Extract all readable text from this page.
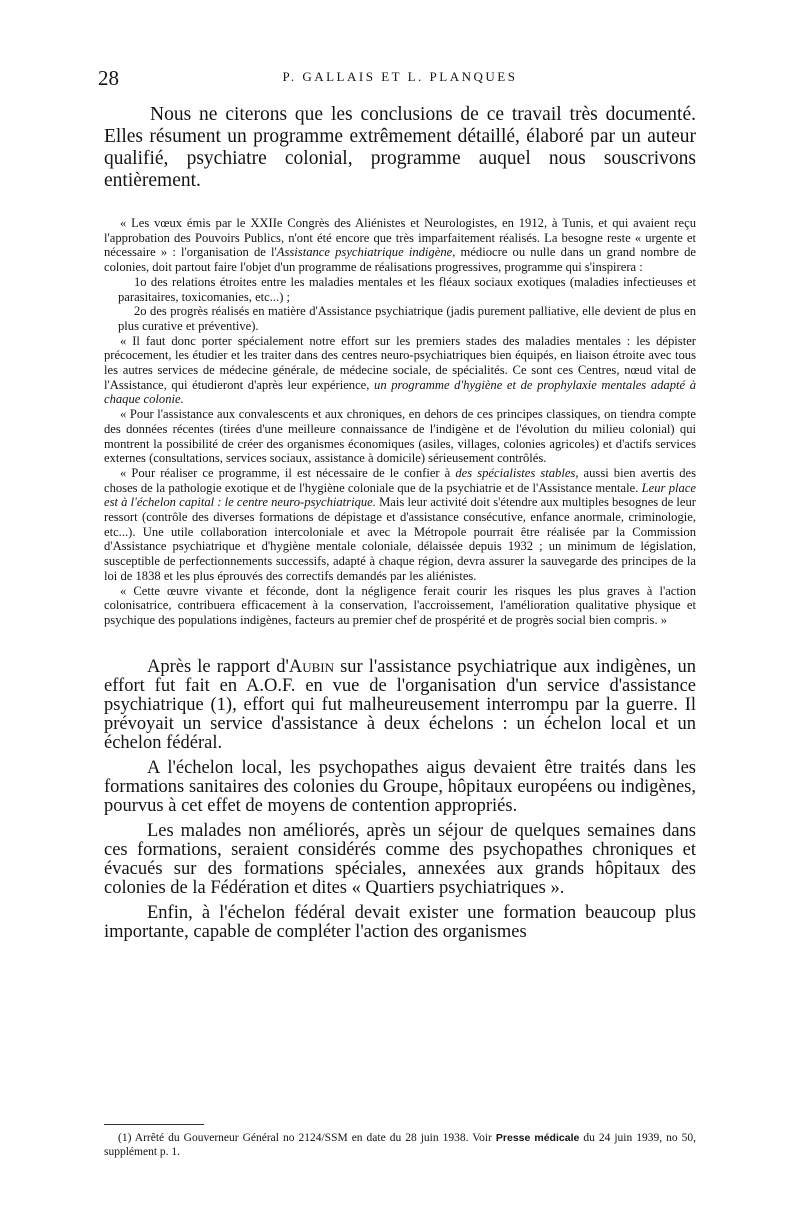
28	P. GALLAIS ET L. PLANQUES

Nous ne citerons que les conclusions de ce travail très documenté. Elles résument un programme extrêmement détaillé, élaboré par un auteur qualifié, psychiatre colonial, programme auquel nous souscrivons entièrement.

« Les vœux émis par le XXIIe Congrès des Aliénistes et Neurologistes, en 1912, à Tunis, et qui avaient reçu l'approbation des Pouvoirs Publics, n'ont été encore que très imparfaitement réalisés. La besogne reste « urgente et nécessaire » : l'organisation de l'Assistance psychiatrique indigène, médiocre ou nulle dans un grand nombre de colonies, doit partout faire l'objet d'un programme de réalisations progressives, programme qui s'inspirera :

1o des relations étroites entre les maladies mentales et les fléaux sociaux exotiques (maladies infectieuses et parasitaires, toxicomanies, etc...) ;

2o des progrès réalisés en matière d'Assistance psychiatrique (jadis purement palliative, elle devient de plus en plus curative et préventive).

« Il faut donc porter spécialement notre effort sur les premiers stades des maladies mentales : les dépister précocement, les étudier et les traiter dans des centres neuro-psychiatriques bien équipés, en liaison étroite avec tous les autres services de médecine générale, de médecine sociale, de spécialités. Ce sont ces Centres, nœud vital de l'Assistance, qui étudieront d'après leur expérience, un programme d'hygiène et de prophylaxie mentales adapté à chaque colonie.

« Pour l'assistance aux convalescents et aux chroniques, en dehors de ces principes classiques, on tiendra compte des données récentes (tirées d'une meilleure connaissance de l'indigène et de l'évolution du milieu colonial) qui montrent la possibilité de créer des organismes économiques (asiles, villages, colonies agricoles) et d'actifs services externes (consultations, services sociaux, assistance à domicile) sérieusement contrôlés.

« Pour réaliser ce programme, il est nécessaire de le confier à des spécialistes stables, aussi bien avertis des choses de la pathologie exotique et de l'hygiène coloniale que de la psychiatrie et de l'Assistance mentale. Leur place est à l'échelon capital : le centre neuro-psychiatrique. Mais leur activité doit s'étendre aux multiples besognes de leur ressort (contrôle des diverses formations de dépistage et d'assistance consécutive, enfance anormale, criminologie, etc...). Une utile collaboration intercoloniale et avec la Métropole pourrait être réalisée par la Commission d'Assistance psychiatrique et d'hygiène mentale coloniale, délaissée depuis 1932 ; un minimum de législation, susceptible de perfectionnements successifs, adapté à chaque région, devra assurer la sauvegarde des principes de la loi de 1838 et les plus éprouvés des correctifs demandés par les aliénistes.

« Cette œuvre vivante et féconde, dont la négligence ferait courir les risques les plus graves à l'action colonisatrice, contribuera efficacement à la conservation, l'accroissement, l'amélioration qualitative physique et psychique des populations indigènes, facteurs au premier chef de prospérité et de progrès social bien compris. »

Après le rapport d'Aubin sur l'assistance psychiatrique aux indigènes, un effort fut fait en A.O.F. en vue de l'organisation d'un service d'assistance psychiatrique (1), effort qui fut malheureusement interrompu par la guerre. Il prévoyait un service d'assistance à deux échelons : un échelon local et un échelon fédéral.

A l'échelon local, les psychopathes aigus devaient être traités dans les formations sanitaires des colonies du Groupe, hôpitaux européens ou indigènes, pourvus à cet effet de moyens de contention appropriés.

Les malades non améliorés, après un séjour de quelques semaines dans ces formations, seraient considérés comme des psychopathes chroniques et évacués sur des formations spéciales, annexées aux grands hôpitaux des colonies de la Fédération et dites « Quartiers psychiatriques ».

Enfin, à l'échelon fédéral devait exister une formation beaucoup plus importante, capable de compléter l'action des organismes

(1) Arrêté du Gouverneur Général no 2124/SSM en date du 28 juin 1938. Voir Presse médicale du 24 juin 1939, no 50, supplément p. 1.
